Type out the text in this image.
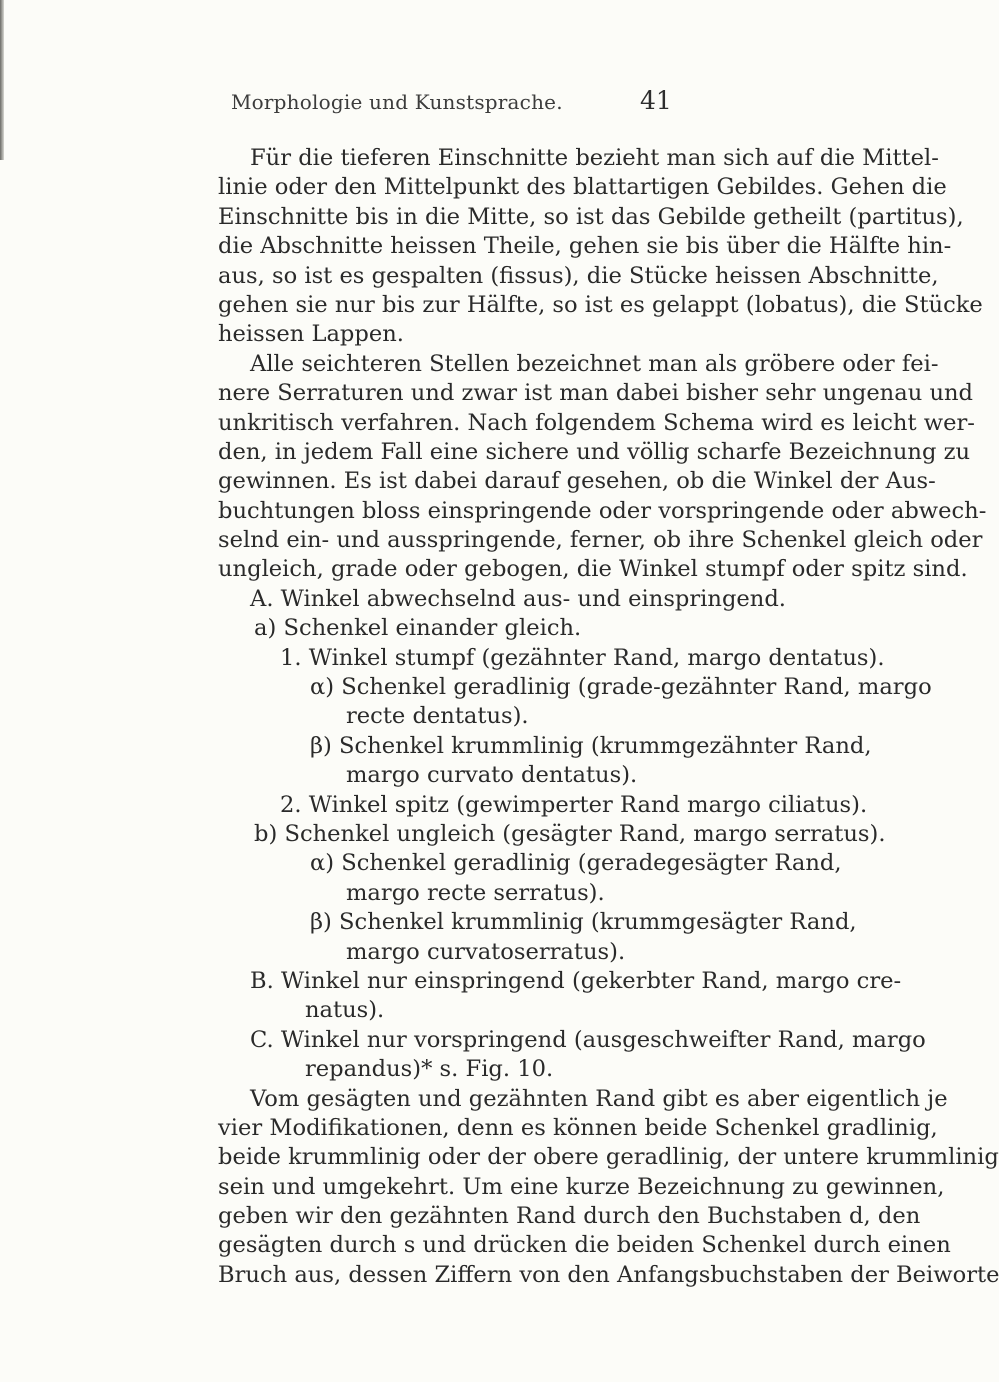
Morphologie und Kunstsprache.	41
Für die tieferen Einschnitte bezieht man sich auf die Mittel-
linie oder den Mittelpunkt des blattartigen Gebildes. Gehen die
Einschnitte bis in die Mitte, so ist das Gebilde getheilt (partitus),
die Abschnitte heissen Theile, gehen sie bis über die Hälfte hin-
aus, so ist es gespalten (fissus), die Stücke heissen Abschnitte,
gehen sie nur bis zur Hälfte, so ist es gelappt (lobatus), die Stücke
heissen Lappen.
Alle seichteren Stellen bezeichnet man als gröbere oder fei-
nere Serraturen und zwar ist man dabei bisher sehr ungenau und
unkritisch verfahren. Nach folgendem Schema wird es leicht wer-
den, in jedem Fall eine sichere und völlig scharfe Bezeichnung zu
gewinnen. Es ist dabei darauf gesehen, ob die Winkel der Aus-
buchtungen bloss einspringende oder vorspringende oder abwech-
selnd ein- und ausspringende, ferner, ob ihre Schenkel gleich oder
ungleich, grade oder gebogen, die Winkel stumpf oder spitz sind.
A. Winkel abwechselnd aus- und einspringend.
a) Schenkel einander gleich.
1. Winkel stumpf (gezähnter Rand, margo dentatus).
α) Schenkel geradlinig (grade-gezähnter Rand, margo
recte dentatus).
β) Schenkel krummlinig (krummgezähnter Rand,
margo curvato dentatus).
2. Winkel spitz (gewimperter Rand margo ciliatus).
b) Schenkel ungleich (gesägter Rand, margo serratus).
α) Schenkel geradlinig (geradegesägter Rand,
margo recte serratus).
β) Schenkel krummlinig (krummgesägter Rand,
margo curvatoserratus).
B. Winkel nur einspringend (gekerbter Rand, margo cre-
natus).
C. Winkel nur vorspringend (ausgeschweifter Rand, margo
repandus)* s. Fig. 10.
Vom gesägten und gezähnten Rand gibt es aber eigentlich je
vier Modifikationen, denn es können beide Schenkel gradlinig,
beide krummlinig oder der obere geradlinig, der untere krummlinig
sein und umgekehrt. Um eine kurze Bezeichnung zu gewinnen,
geben wir den gezähnten Rand durch den Buchstaben d, den
gesägten durch s und drücken die beiden Schenkel durch einen
Bruch aus, dessen Ziffern von den Anfangsbuchstaben der Beiworte
